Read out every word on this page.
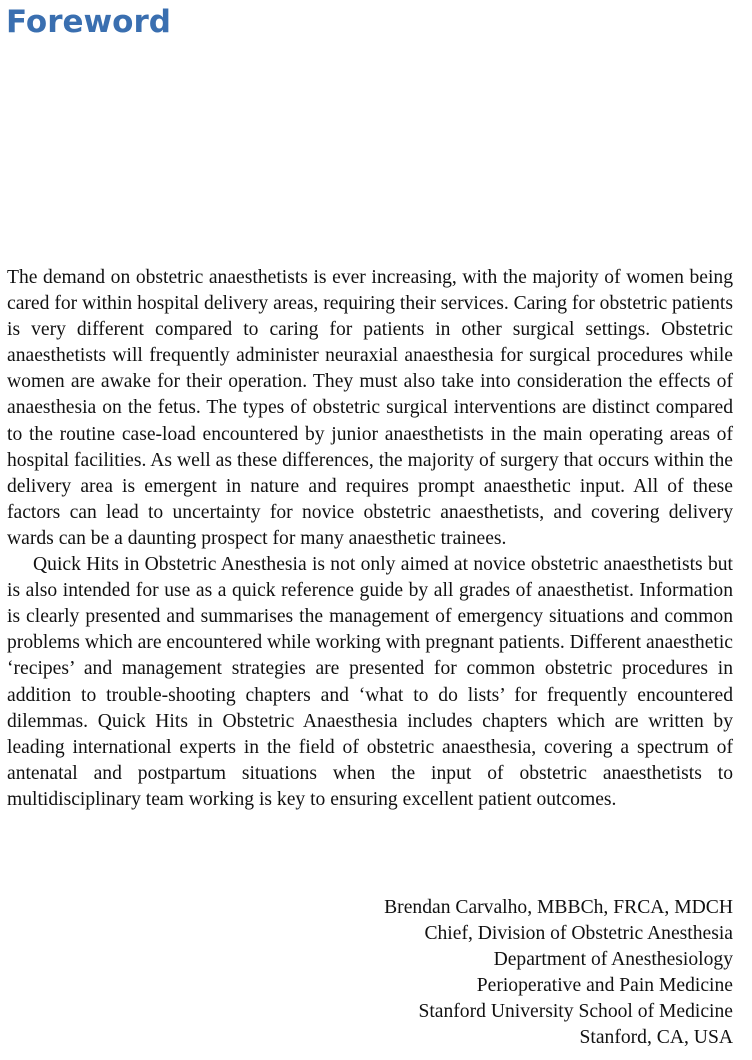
Foreword

The demand on obstetric anaesthetists is ever increasing, with the majority of women being cared for within hospital delivery areas, requiring their services. Caring for obstetric patients is very different compared to caring for patients in other surgical settings. Obstetric anaesthetists will frequently administer neuraxial anaesthesia for surgical procedures while women are awake for their operation. They must also take into consideration the effects of anaesthesia on the fetus. The types of obstetric surgical interventions are distinct compared to the routine case-load encountered by junior anaesthetists in the main operating areas of hospital facilities. As well as these differences, the majority of surgery that occurs within the delivery area is emergent in nature and requires prompt anaesthetic input. All of these factors can lead to uncertainty for novice obstetric anaesthetists, and covering delivery wards can be a daunting prospect for many anaesthetic trainees.

Quick Hits in Obstetric Anesthesia is not only aimed at novice obstetric anaesthetists but is also intended for use as a quick reference guide by all grades of anaesthetist. Information is clearly presented and summarises the management of emergency situations and common problems which are encountered while working with pregnant patients. Different anaesthetic ‘recipes’ and management strategies are presented for common obstetric procedures in addition to trouble-shooting chapters and ‘what to do lists’ for frequently encountered dilemmas. Quick Hits in Obstetric Anaesthesia includes chapters which are written by leading international experts in the field of obstetric anaesthesia, covering a spectrum of antenatal and postpartum situations when the input of obstetric anaesthetists to multidisciplinary team working is key to ensuring excellent patient outcomes.

Brendan Carvalho, MBBCh, FRCA, MDCH
Chief, Division of Obstetric Anesthesia
Department of Anesthesiology
Perioperative and Pain Medicine
Stanford University School of Medicine
Stanford, CA, USA
